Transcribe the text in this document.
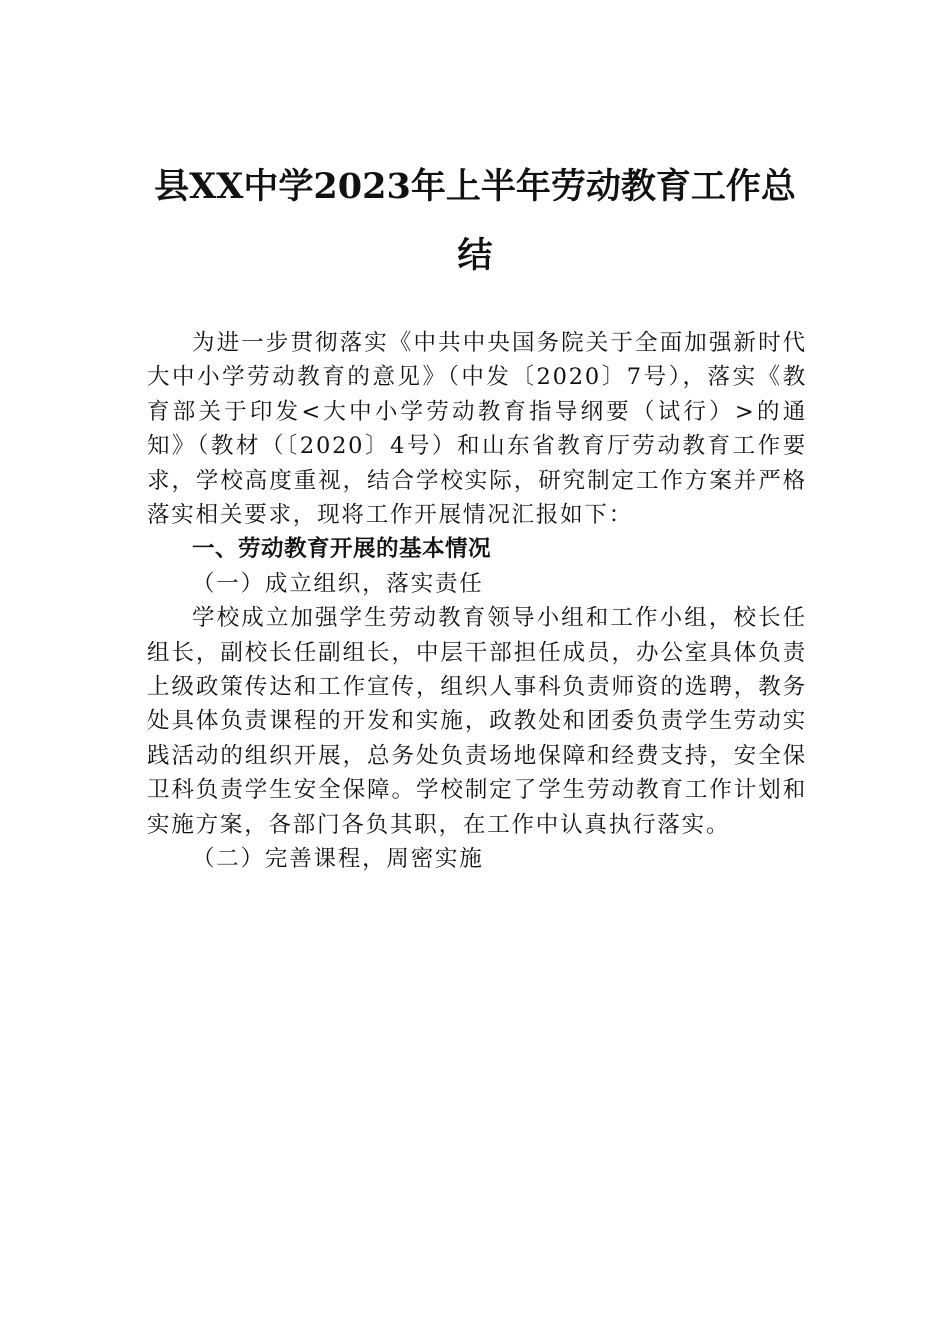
县XX中学2023年上半年劳动教育工作总
结

为进一步贯彻落实《中共中央国务院关于全面加强新时代大中小学劳动教育的意见》（中发〔2020〕7号），落实《教育部关于印发<大中小学劳动教育指导纲要（试行）>的通知》（教材（〔2020〕4号）和山东省教育厅劳动教育工作要求，学校高度重视，结合学校实际，研究制定工作方案并严格落实相关要求，现将工作开展情况汇报如下：

一、劳动教育开展的基本情况

（一）成立组织，落实责任

学校成立加强学生劳动教育领导小组和工作小组，校长任组长，副校长任副组长，中层干部担任成员，办公室具体负责上级政策传达和工作宣传，组织人事科负责师资的选聘，教务处具体负责课程的开发和实施，政教处和团委负责学生劳动实践活动的组织开展，总务处负责场地保障和经费支持，安全保卫科负责学生安全保障。学校制定了学生劳动教育工作计划和实施方案，各部门各负其职，在工作中认真执行落实。

（二）完善课程，周密实施
